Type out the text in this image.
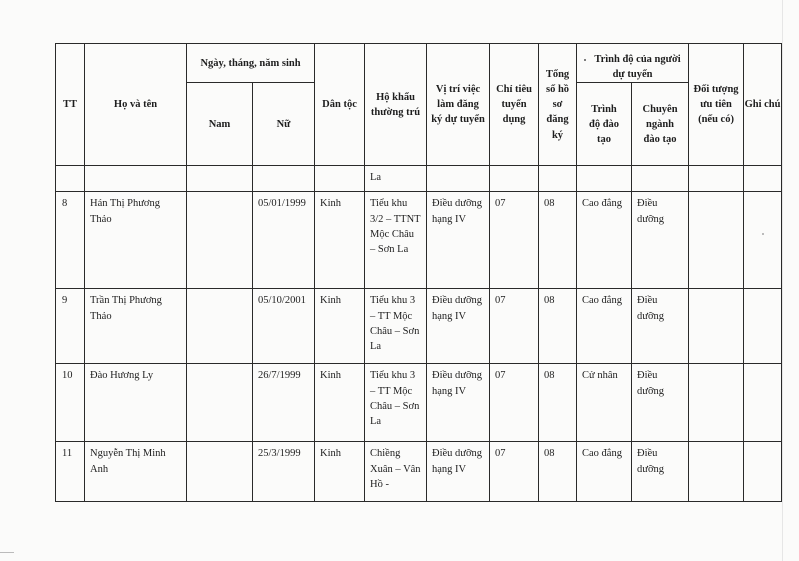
TT	Họ và tên	Ngày, tháng, năm sinh		Dân tộc	Hộ khẩu thường trú	Vị trí việc làm đăng ký dự tuyển	Chỉ tiêu tuyển dụng	Tổng số hồ sơ đăng ký	Trình độ của người dự tuyển		Đối tượng ưu tiên (nếu có)	Ghi chú
		Nam	Nữ						Trình độ đào tạo	Chuyên ngành đào tạo		

					La							

8	Hán Thị Phương Thảo		05/01/1999	Kinh	Tiểu khu 3/2 – TTNT Mộc Châu – Sơn La	Điều dưỡng hạng IV	07	08	Cao đẳng	Điều dưỡng		

9	Trần Thị Phương Thảo		05/10/2001	Kinh	Tiểu khu 3 – TT Mộc Châu – Sơn La	Điều dưỡng hạng IV	07	08	Cao đẳng	Điều dưỡng		

10	Đào Hương Ly		26/7/1999	Kinh	Tiểu khu 3 – TT Mộc Châu – Sơn La	Điều dưỡng hạng IV	07	08	Cử nhân	Điều dưỡng		

11	Nguyễn Thị Minh Anh		25/3/1999	Kinh	Chiềng Xuân – Vân Hồ -	Điều dưỡng hạng IV	07	08	Cao đẳng	Điều dưỡng		
